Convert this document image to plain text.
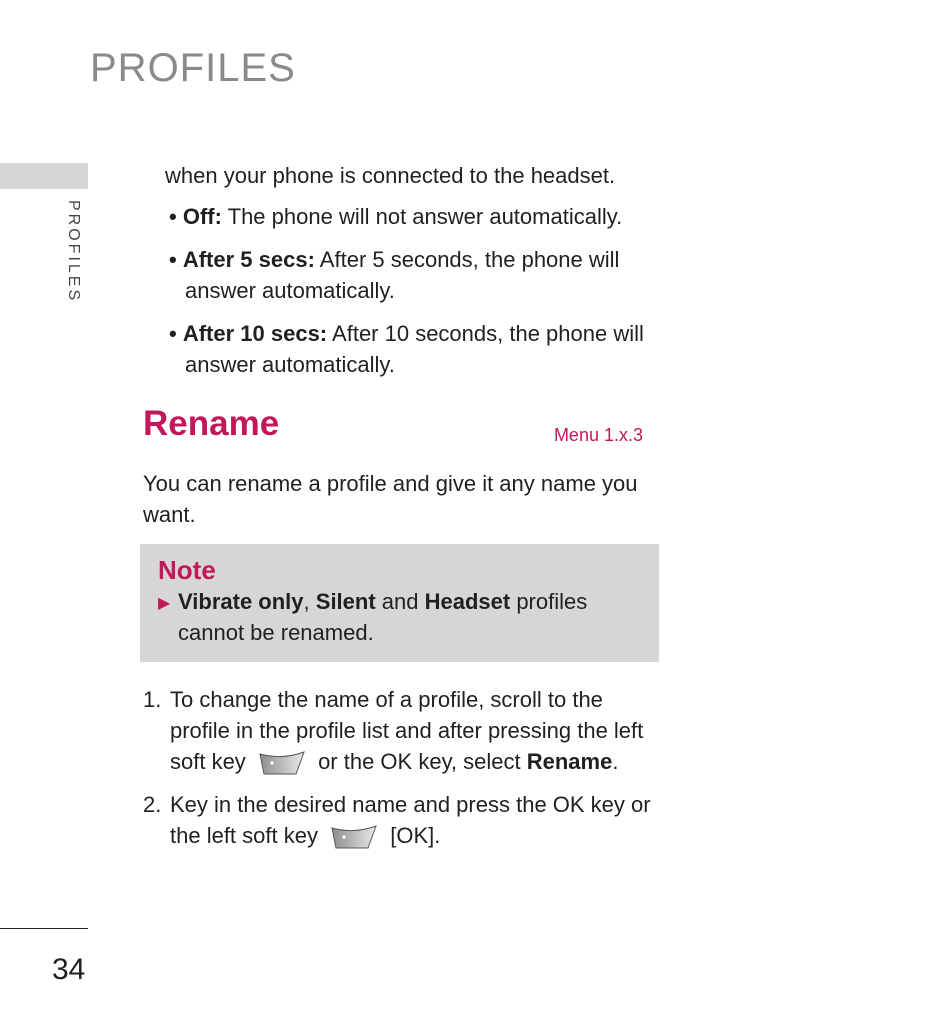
PROFILES
PROFILES

when your phone is connected to the headset.

• Off: The phone will not answer automatically.
• After 5 secs: After 5 seconds, the phone will answer automatically.
• After 10 secs: After 10 seconds, the phone will answer automatically.
Rename	Menu 1.x.3

You can rename a profile and give it any name you want.

Note
▶ Vibrate only, Silent and Headset profiles cannot be renamed.
1. To change the name of a profile, scroll to the profile in the profile list and after pressing the left soft key	or the OK key, select Rename.
2. Key in the desired name and press the OK key or the left soft key	[OK].
34
